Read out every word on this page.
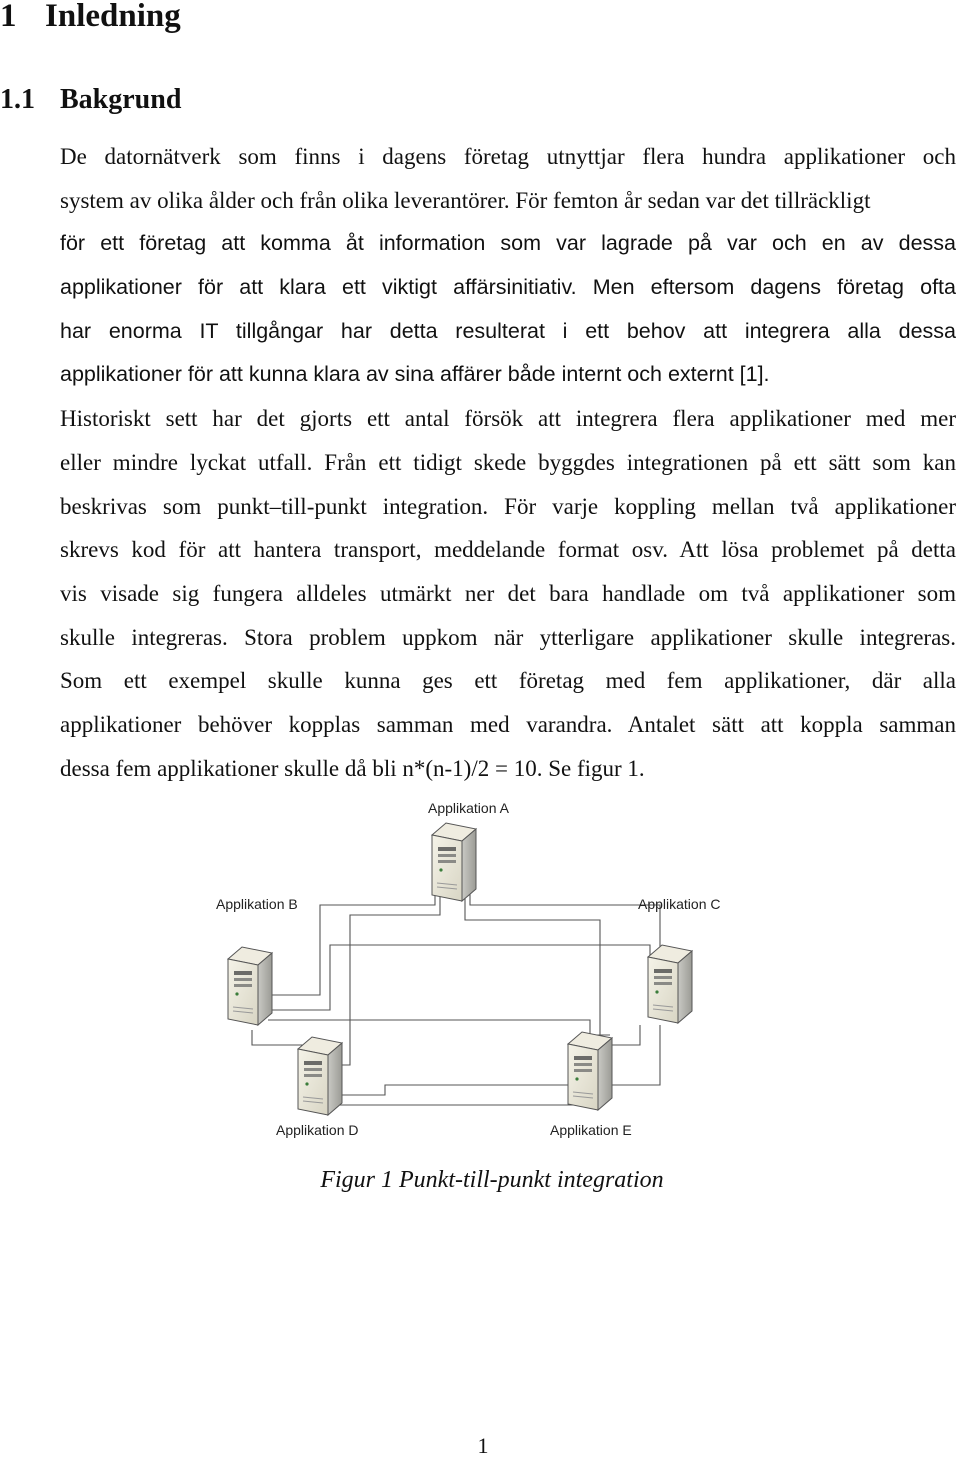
1 Inledning
1.1 Bakgrund
De datornätverk som finns i dagens företag utnyttjar flera hundra applikationer och
system av olika ålder och från olika leverantörer. För femton år sedan var det tillräckligt
för ett företag att komma åt information som var lagrade på var och en av dessa
applikationer för att klara ett viktigt affärsinitiativ. Men eftersom dagens företag ofta
har enorma IT tillgångar har detta resulterat i ett behov att integrera alla dessa
applikationer för att kunna klara av sina affärer både internt och externt [1].
Historiskt sett har det gjorts ett antal försök att integrera flera applikationer med mer
eller mindre lyckat utfall. Från ett tidigt skede byggdes integrationen på ett sätt som kan
beskrivas som punkt–till-punkt integration. För varje koppling mellan två applikationer
skrevs kod för att hantera transport, meddelande format osv. Att lösa problemet på detta
vis visade sig fungera alldeles utmärkt ner det bara handlade om två applikationer som
skulle integreras. Stora problem uppkom när ytterligare applikationer skulle integreras.
Som ett exempel skulle kunna ges ett företag med fem applikationer, där alla
applikationer behöver kopplas samman med varandra. Antalet sätt att koppla samman
dessa fem applikationer skulle då bli n*(n-1)/2 = 10. Se figur 1.
Applikation A
Applikation B	Applikation C
Applikation D	Applikation E
Figur 1 Punkt-till-punkt integration
1
